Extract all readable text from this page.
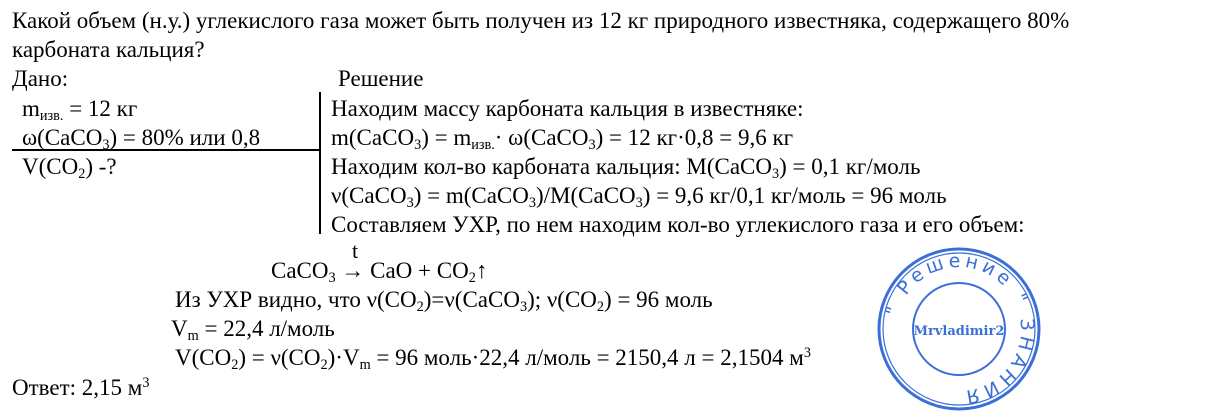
Какой объем (н.у.) углекислого газа может быть получен из 12 кг природного известняка, содержащего 80%
карбоната кальция?
Дано:	Решение
$m_{изв.} = 12$ кг
ω(CaCO$_3$) = 80% или 0,8
$V(CO_2)$ -?
Находим массу карбоната кальция в известняке:
m(CaCO$_3$) = $m_{изв.}\cdot$ ω(CaCO$_3$) = 12 кг·0,8 = 9,6 кг
Находим кол-во карбоната кальция: M(CaCO$_3$) = 0,1 кг/моль
ν(CaCO$_3$) = m(CaCO$_3$)/M(CaCO$_3$) = 9,6 кг/0,1 кг/моль = 96 моль
Составляем УХР, по нем находим кол-во углекислого газа и его объем:
t
CaCO$_3$ → CaO + $CO_2↑$
Из УХР видно, что $\nu(CO_2)=\nu(CaCO_3)$; $\nu(CO_2) = 96$ моль
$V_m = 22,4$ л/моль
$V(CO_2) = \nu(CO_2)\cdot V_m = 96$ моль·22,4 л/моль = 2150,4 л = 2,1504 $м^3$
Ответ: 2,15 $м^3$
" Решение " ЗНАНИЯ
Mrvladimir2
